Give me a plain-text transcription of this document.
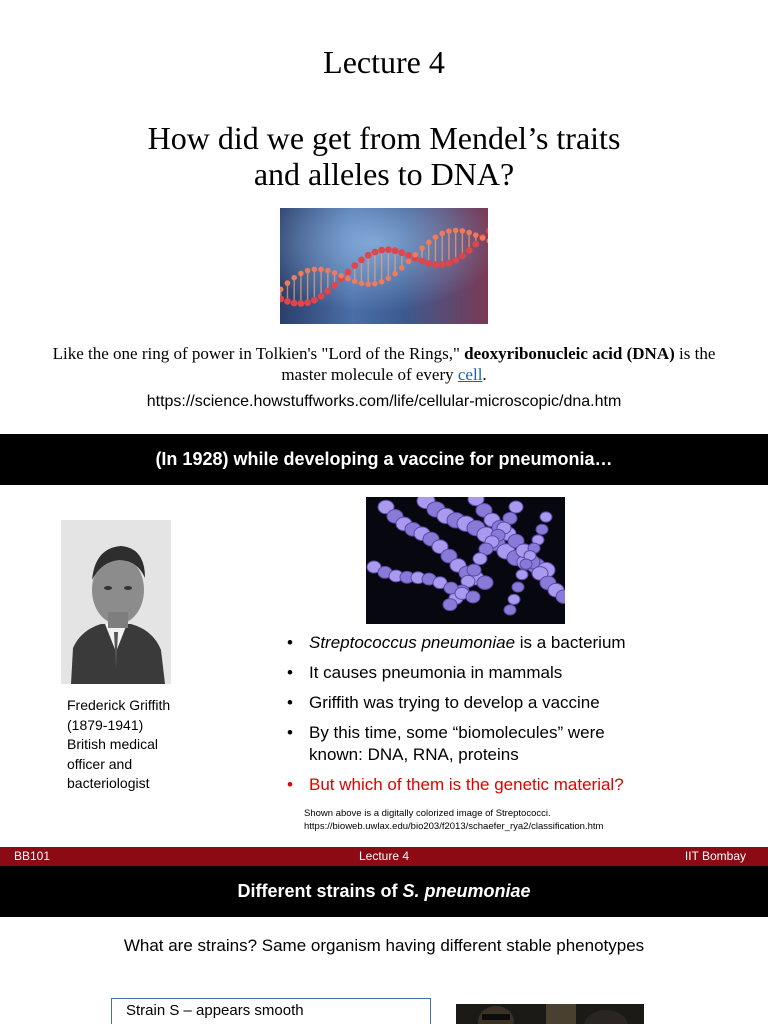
Lecture 4
How did we get from Mendel’s traits
and alleles to DNA?
Like the one ring of power in Tolkien's "Lord of the Rings," deoxyribonucleic acid (DNA) is the master molecule of every cell.
https://science.howstuffworks.com/life/cellular-microscopic/dna.htm
(In 1928) while developing a vaccine for pneumonia…
Frederick Griffith
(1879-1941)
British medical
officer and
bacteriologist
• Streptococcus pneumoniae is a bacterium
• It causes pneumonia in mammals
• Griffith was trying to develop a vaccine
• By this time, some “biomolecules” were
known: DNA, RNA, proteins
• But which of them is the genetic material?
Shown above is a digitally colorized image of Streptococci.
https://bioweb.uwlax.edu/bio203/f2013/schaefer_rya2/classification.htm
Lecture 4
BB101	IIT Bombay
Different strains of S. pneumoniae
What are strains? Same organism having different stable phenotypes
Strain S – appears smooth
